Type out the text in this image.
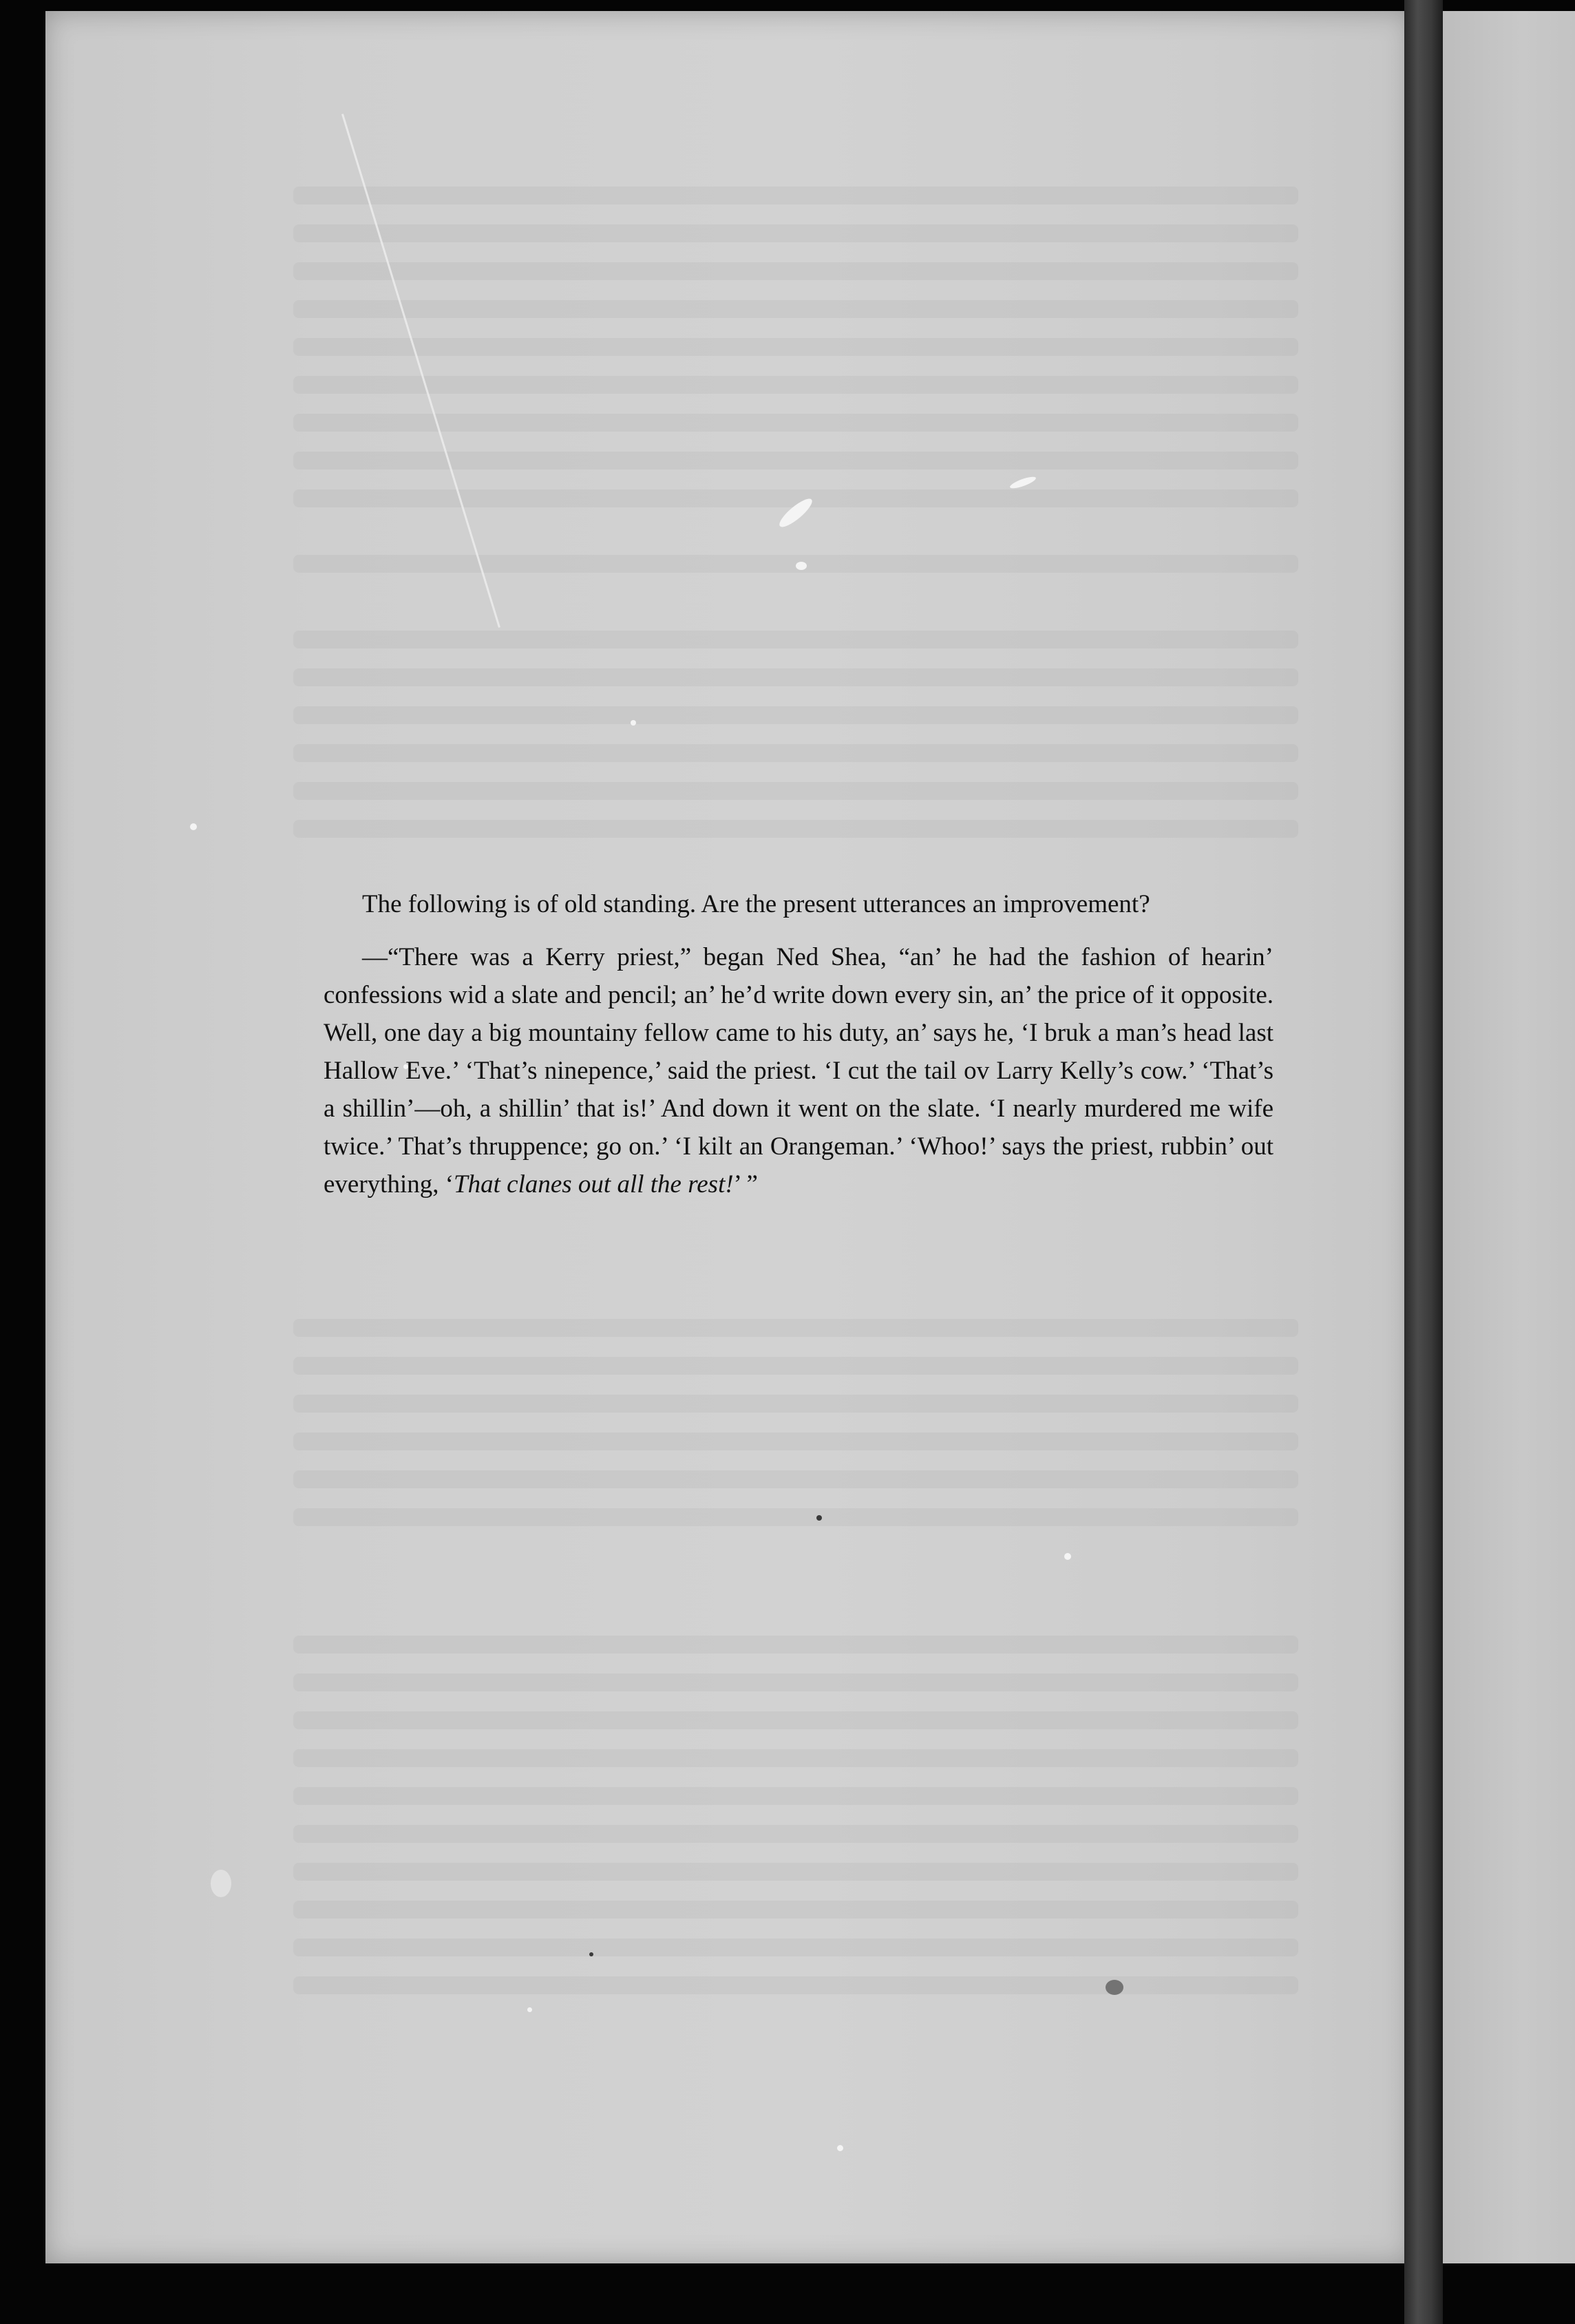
The following is of old standing. Are the present utterances an improvement?

—“There was a Kerry priest,” began Ned Shea, “an’ he had the fashion of hearin’ confessions wid a slate and pencil; an’ he’d write down every sin, an’ the price of it opposite. Well, one day a big mountainy fellow came to his duty, an’ says he, ‘I bruk a man’s head last Hallow Eve.’ ‘That’s ninepence,’ said the priest. ‘I cut the tail ov Larry Kelly’s cow.’ ‘That’s a shillin’—oh, a shillin’ that is!’ And down it went on the slate. ‘I nearly murdered me wife twice.’ That’s thruppence; go on.’ ‘I kilt an Orangeman.’ ‘Whoo!’ says the priest, rubbin’ out everything, ‘That clanes out all the rest!’ ”
